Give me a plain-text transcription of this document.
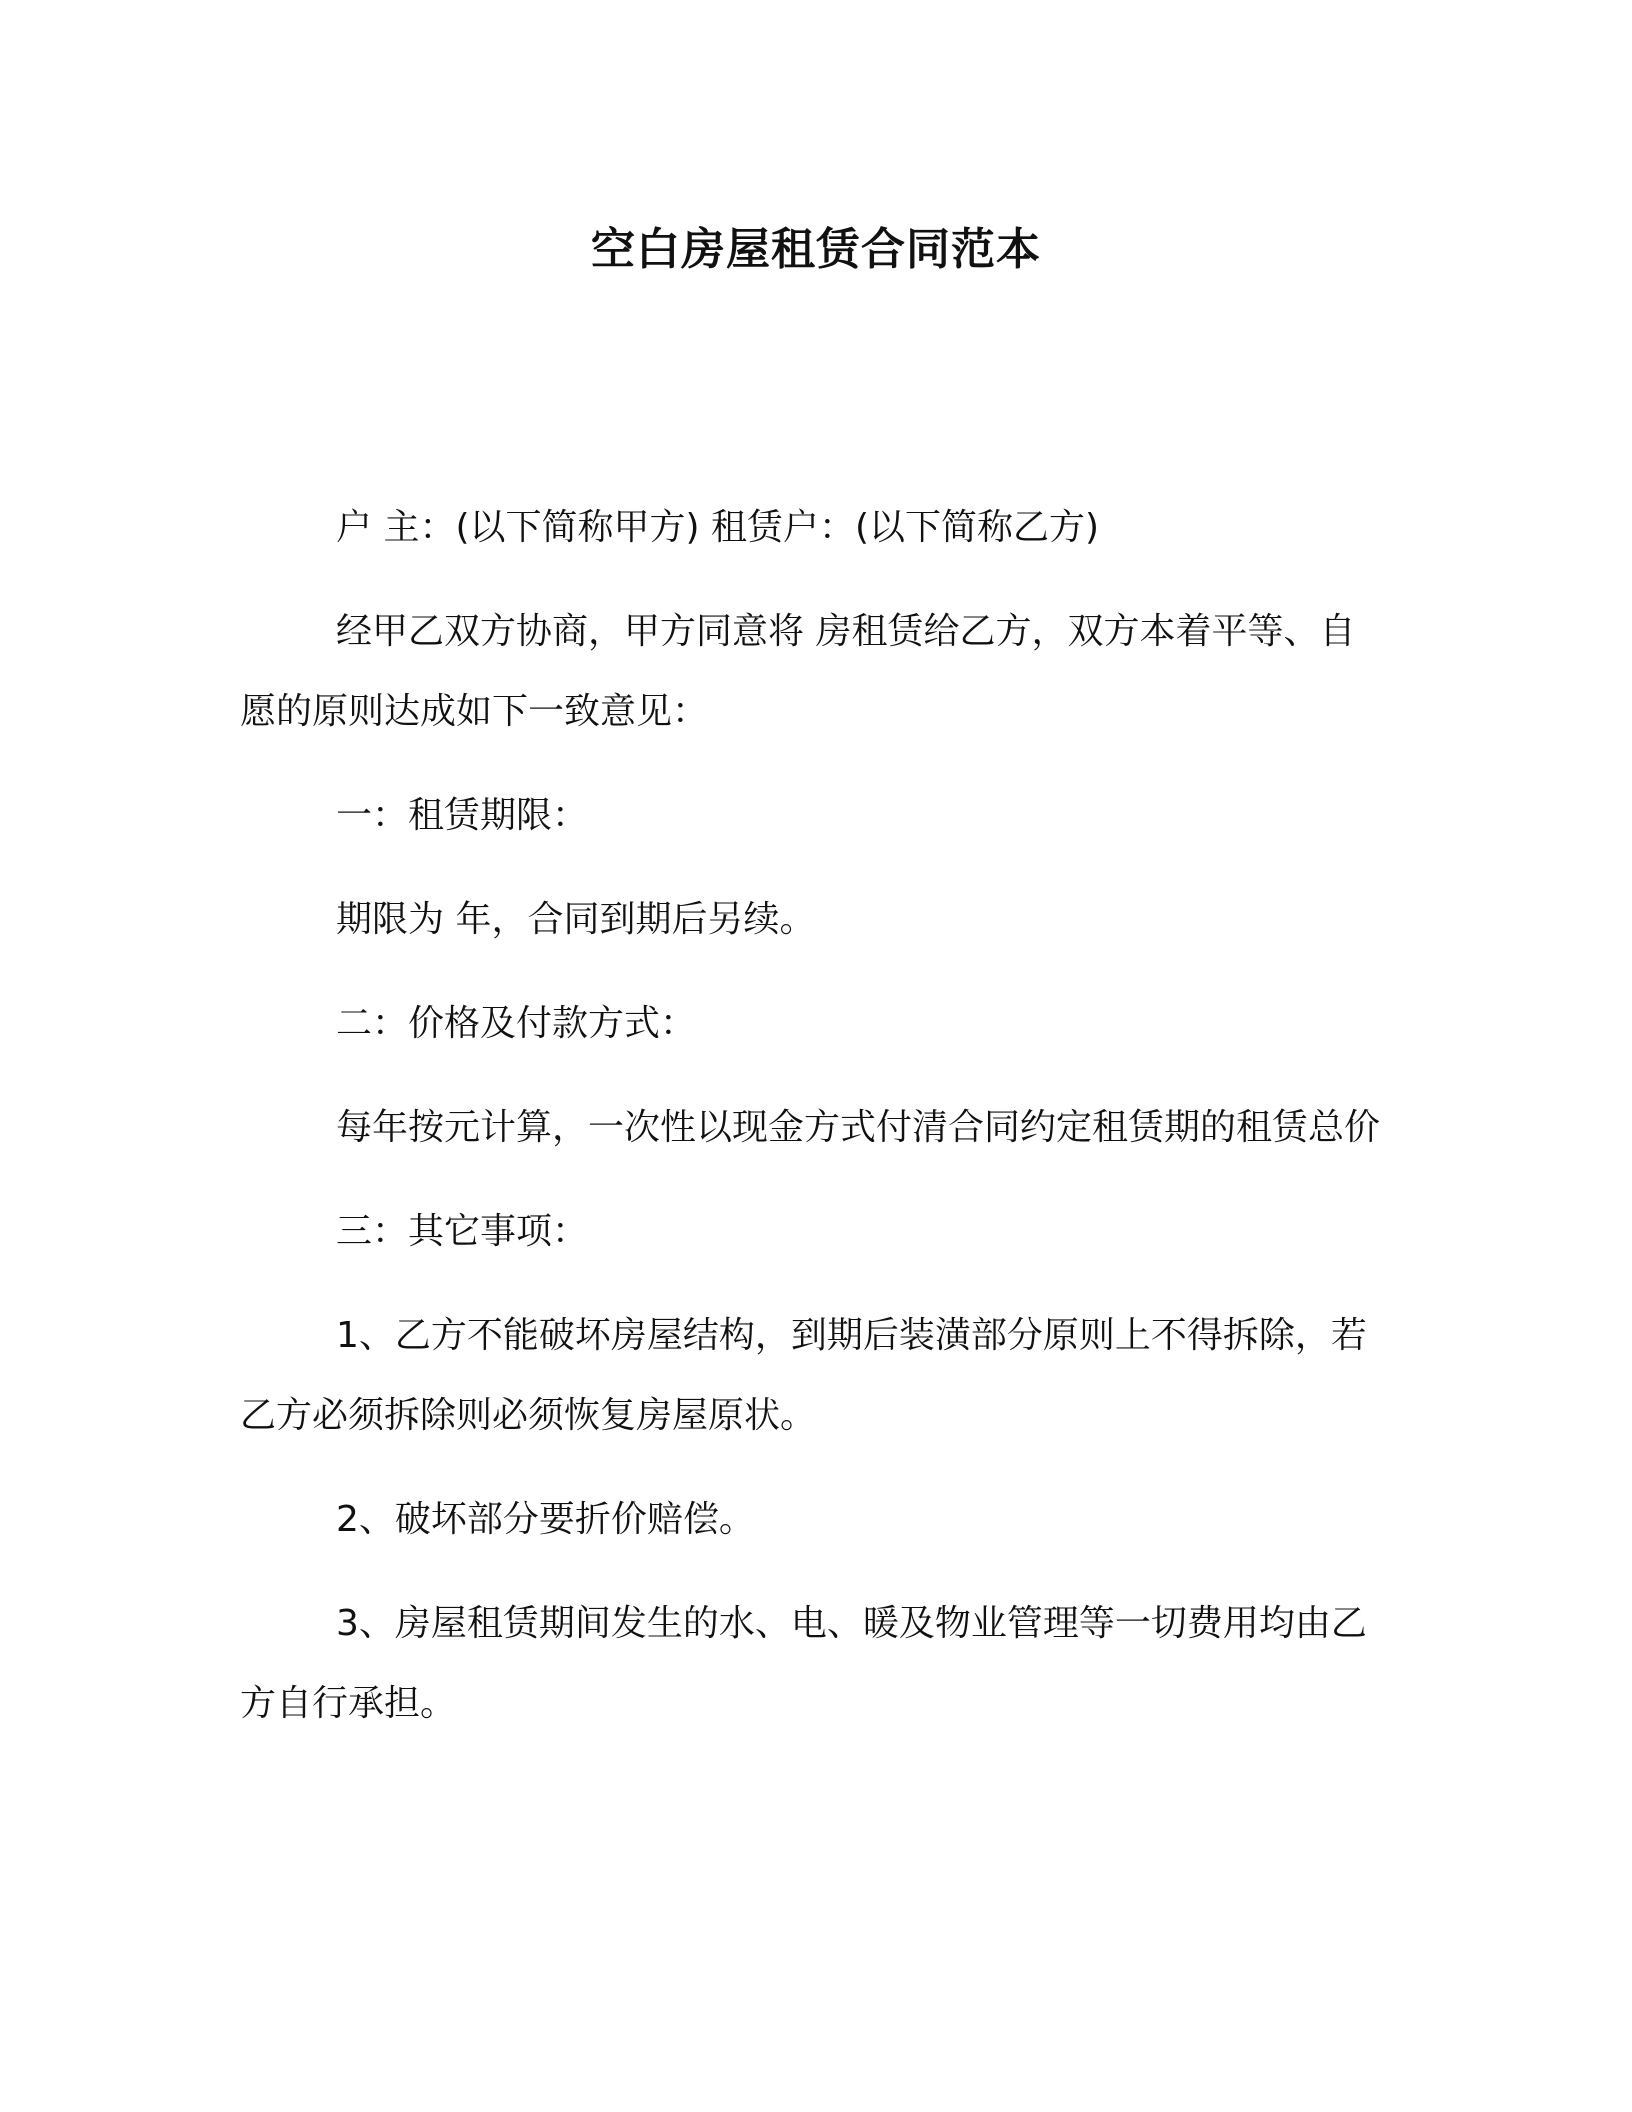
空白房屋租赁合同范本

户 主：(以下简称甲方) 租赁户：(以下简称乙方)

经甲乙双方协商，甲方同意将 房租赁给乙方，双方本着平等、自愿的原则达成如下一致意见：

一：租赁期限：

期限为 年，合同到期后另续。

二：价格及付款方式：

每年按元计算，一次性以现金方式付清合同约定租赁期的租赁总价

三：其它事项：

1、乙方不能破坏房屋结构，到期后装潢部分原则上不得拆除，若乙方必须拆除则必须恢复房屋原状。

2、破坏部分要折价赔偿。

3、房屋租赁期间发生的水、电、暖及物业管理等一切费用均由乙方自行承担。
